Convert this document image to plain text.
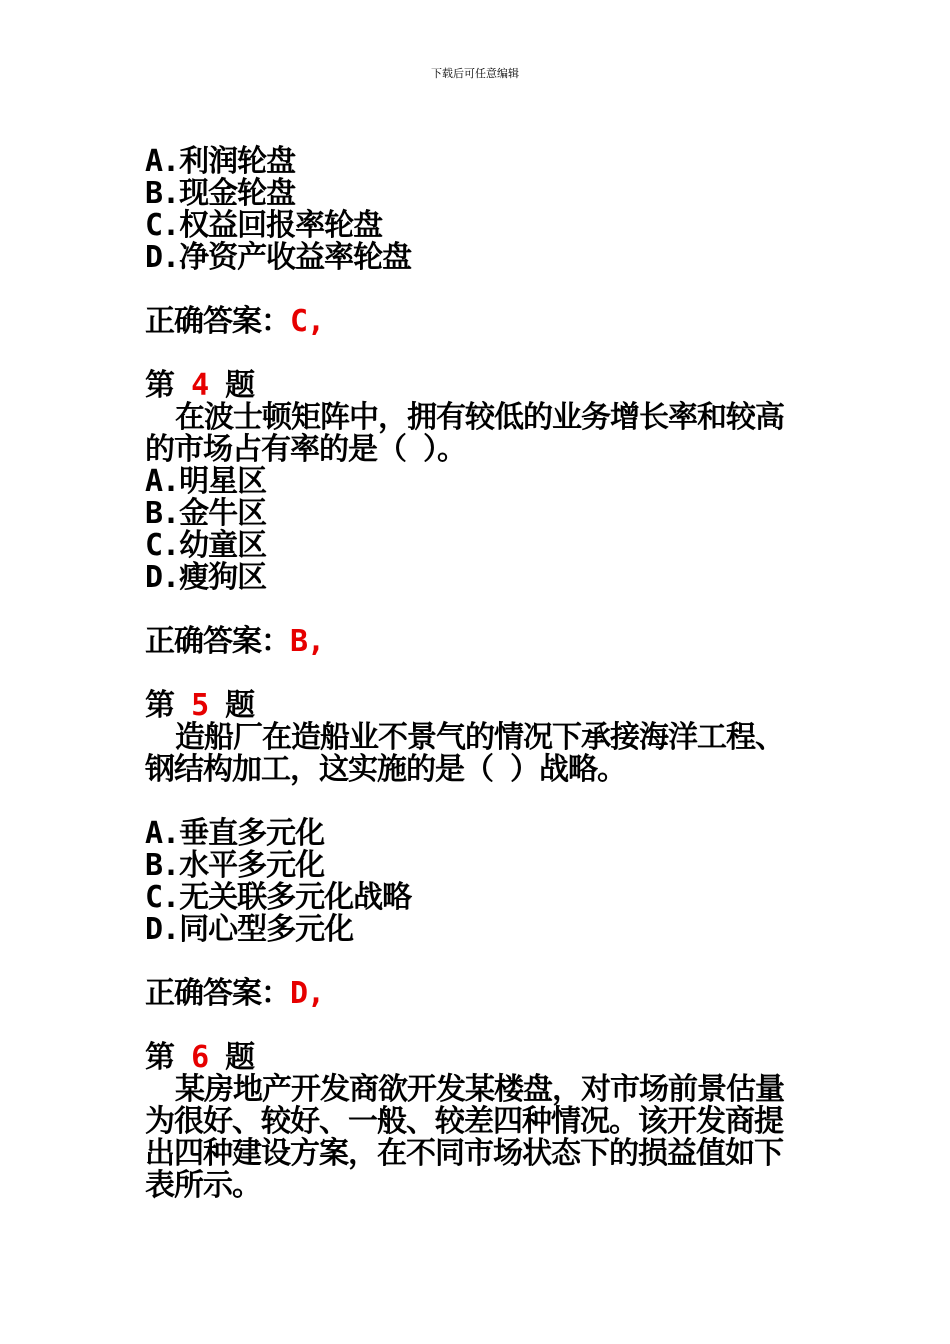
下载后可任意编辑
A.利润轮盘
B.现金轮盘
C.权益回报率轮盘
D.净资产收益率轮盘
正确答案：C,
第 4 题
在波士顿矩阵中，拥有较低的业务增长率和较高的市场占有率的是（ ）。
A.明星区
B.金牛区
C.幼童区
D.瘦狗区
正确答案：B,
第 5 题
造船厂在造船业不景气的情况下承接海洋工程、钢结构加工，这实施的是（ ）战略。
A.垂直多元化
B.水平多元化
C.无关联多元化战略
D.同心型多元化
正确答案：D,
第 6 题
某房地产开发商欲开发某楼盘，对市场前景估量为很好、较好、一般、较差四种情况。该开发商提出四种建设方案，在不同市场状态下的损益值如下表所示。
